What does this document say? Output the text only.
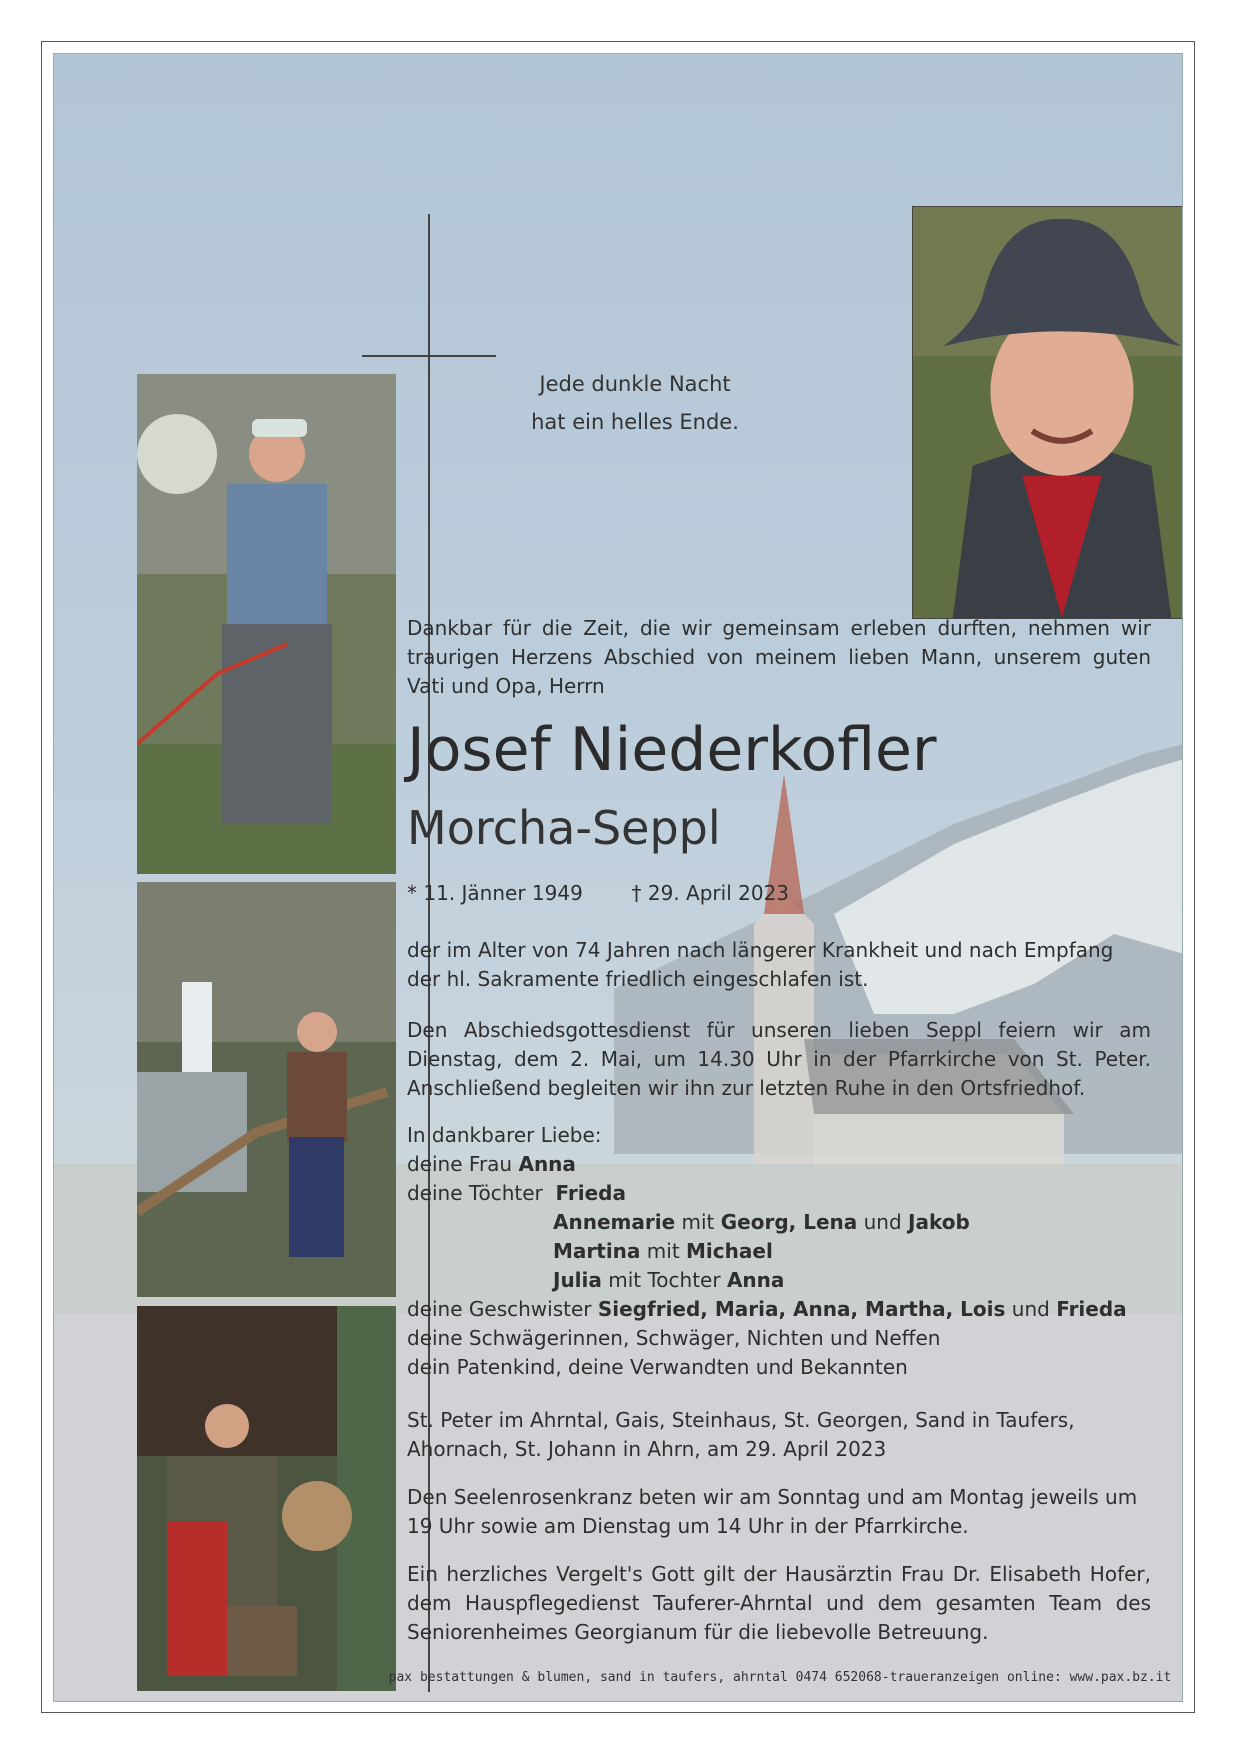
Jede dunkle Nacht
hat ein helles Ende.
Dankbar für die Zeit, die wir gemeinsam erleben durften, nehmen wir traurigen Herzens Abschied von meinem lieben Mann, unserem guten Vati und Opa, Herrn
Josef Niederkofler
Morcha-Seppl
* 11. Jänner 1949 † 29. April 2023
der im Alter von 74 Jahren nach längerer Krankheit und nach Empfang der hl. Sakramente friedlich eingeschlafen ist.
Den Abschiedsgottesdienst für unseren lieben Seppl feiern wir am Dienstag, dem 2. Mai, um 14.30 Uhr in der Pfarrkirche von St. Peter. Anschließend begleiten wir ihn zur letzten Ruhe in den Ortsfriedhof.
In dankbarer Liebe:
deine Frau Anna
deine Töchter Frieda
Annemarie mit Georg, Lena und Jakob
Martina mit Michael
Julia mit Tochter Anna
deine Geschwister Siegfried, Maria, Anna, Martha, Lois und Frieda
deine Schwägerinnen, Schwäger, Nichten und Neffen
dein Patenkind, deine Verwandten und Bekannten
St. Peter im Ahrntal, Gais, Steinhaus, St. Georgen, Sand in Taufers, Ahornach, St. Johann in Ahrn, am 29. April 2023
Den Seelenrosenkranz beten wir am Sonntag und am Montag jeweils um 19 Uhr sowie am Dienstag um 14 Uhr in der Pfarrkirche.
Ein herzliches Vergelt's Gott gilt der Hausärztin Frau Dr. Elisabeth Hofer, dem Hauspflegedienst Tauferer-Ahrntal und dem gesamten Team des Seniorenheimes Georgianum für die liebevolle Betreuung.
pax bestattungen & blumen, sand in taufers, ahrntal 0474 652068-traueranzeigen online: www.pax.bz.it
